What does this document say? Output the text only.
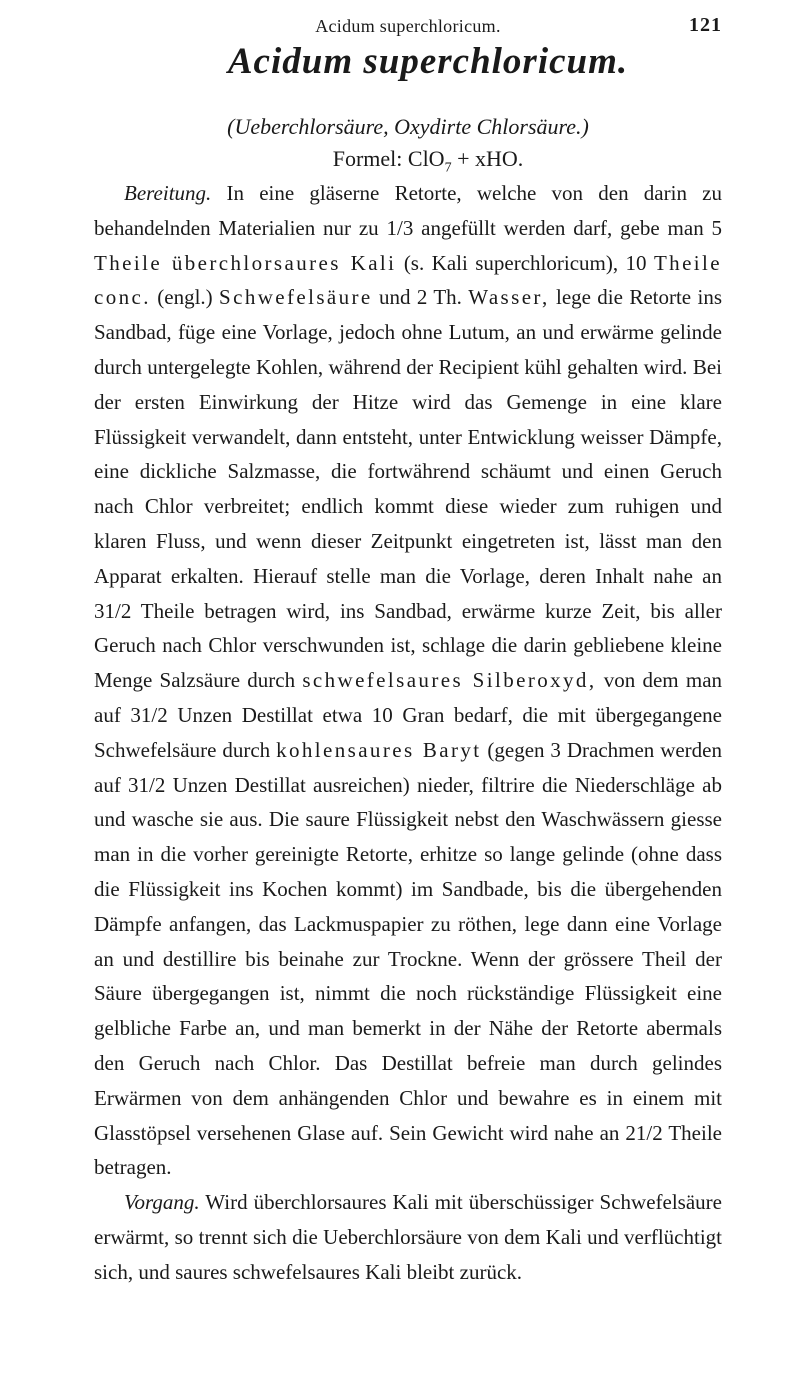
Acidum superchloricum.	121
Acidum superchloricum.
(Ueberchlorsäure, Oxydirte Chlorsäure.)
Formel: ClO$_7$ + xHO.

Bereitung. In eine gläserne Retorte, welche von den darin zu behandelnden Materialien nur zu 1/3 angefüllt werden darf, gebe man 5 Theile überchlorsaures Kali (s. Kali superchloricum), 10 Theile conc. (engl.) Schwefelsäure und 2 Th. Wasser, lege die Retorte ins Sandbad, füge eine Vorlage, jedoch ohne Lutum, an und erwärme gelinde durch untergelegte Kohlen, während der Recipient kühl gehalten wird. Bei der ersten Einwirkung der Hitze wird das Gemenge in eine klare Flüssigkeit verwandelt, dann entsteht, unter Entwicklung weisser Dämpfe, eine dickliche Salzmasse, die fortwährend schäumt und einen Geruch nach Chlor verbreitet; endlich kommt diese wieder zum ruhigen und klaren Fluss, und wenn dieser Zeitpunkt eingetreten ist, lässt man den Apparat erkalten. Hierauf stelle man die Vorlage, deren Inhalt nahe an 31/2 Theile betragen wird, ins Sandbad, erwärme kurze Zeit, bis aller Geruch nach Chlor verschwunden ist, schlage die darin gebliebene kleine Menge Salzsäure durch schwefelsaures Silberoxyd, von dem man auf 31/2 Unzen Destillat etwa 10 Gran bedarf, die mit übergegangene Schwefelsäure durch kohlensaures Baryt (gegen 3 Drachmen werden auf 31/2 Unzen Destillat ausreichen) nieder, filtrire die Niederschläge ab und wasche sie aus. Die saure Flüssigkeit nebst den Waschwässern giesse man in die vorher gereinigte Retorte, erhitze so lange gelinde (ohne dass die Flüssigkeit ins Kochen kommt) im Sandbade, bis die übergehenden Dämpfe anfangen, das Lackmuspapier zu röthen, lege dann eine Vorlage an und destillire bis beinahe zur Trockne. Wenn der grössere Theil der Säure übergegangen ist, nimmt die noch rückständige Flüssigkeit eine gelbliche Farbe an, und man bemerkt in der Nähe der Retorte abermals den Geruch nach Chlor. Das Destillat befreie man durch gelindes Erwärmen von dem anhängenden Chlor und bewahre es in einem mit Glasstöpsel versehenen Glase auf. Sein Gewicht wird nahe an 21/2 Theile betragen.

Vorgang. Wird überchlorsaures Kali mit überschüssiger Schwefelsäure erwärmt, so trennt sich die Ueberchlorsäure von dem Kali und verflüchtigt sich, und saures schwefelsaures Kali bleibt zurück.
